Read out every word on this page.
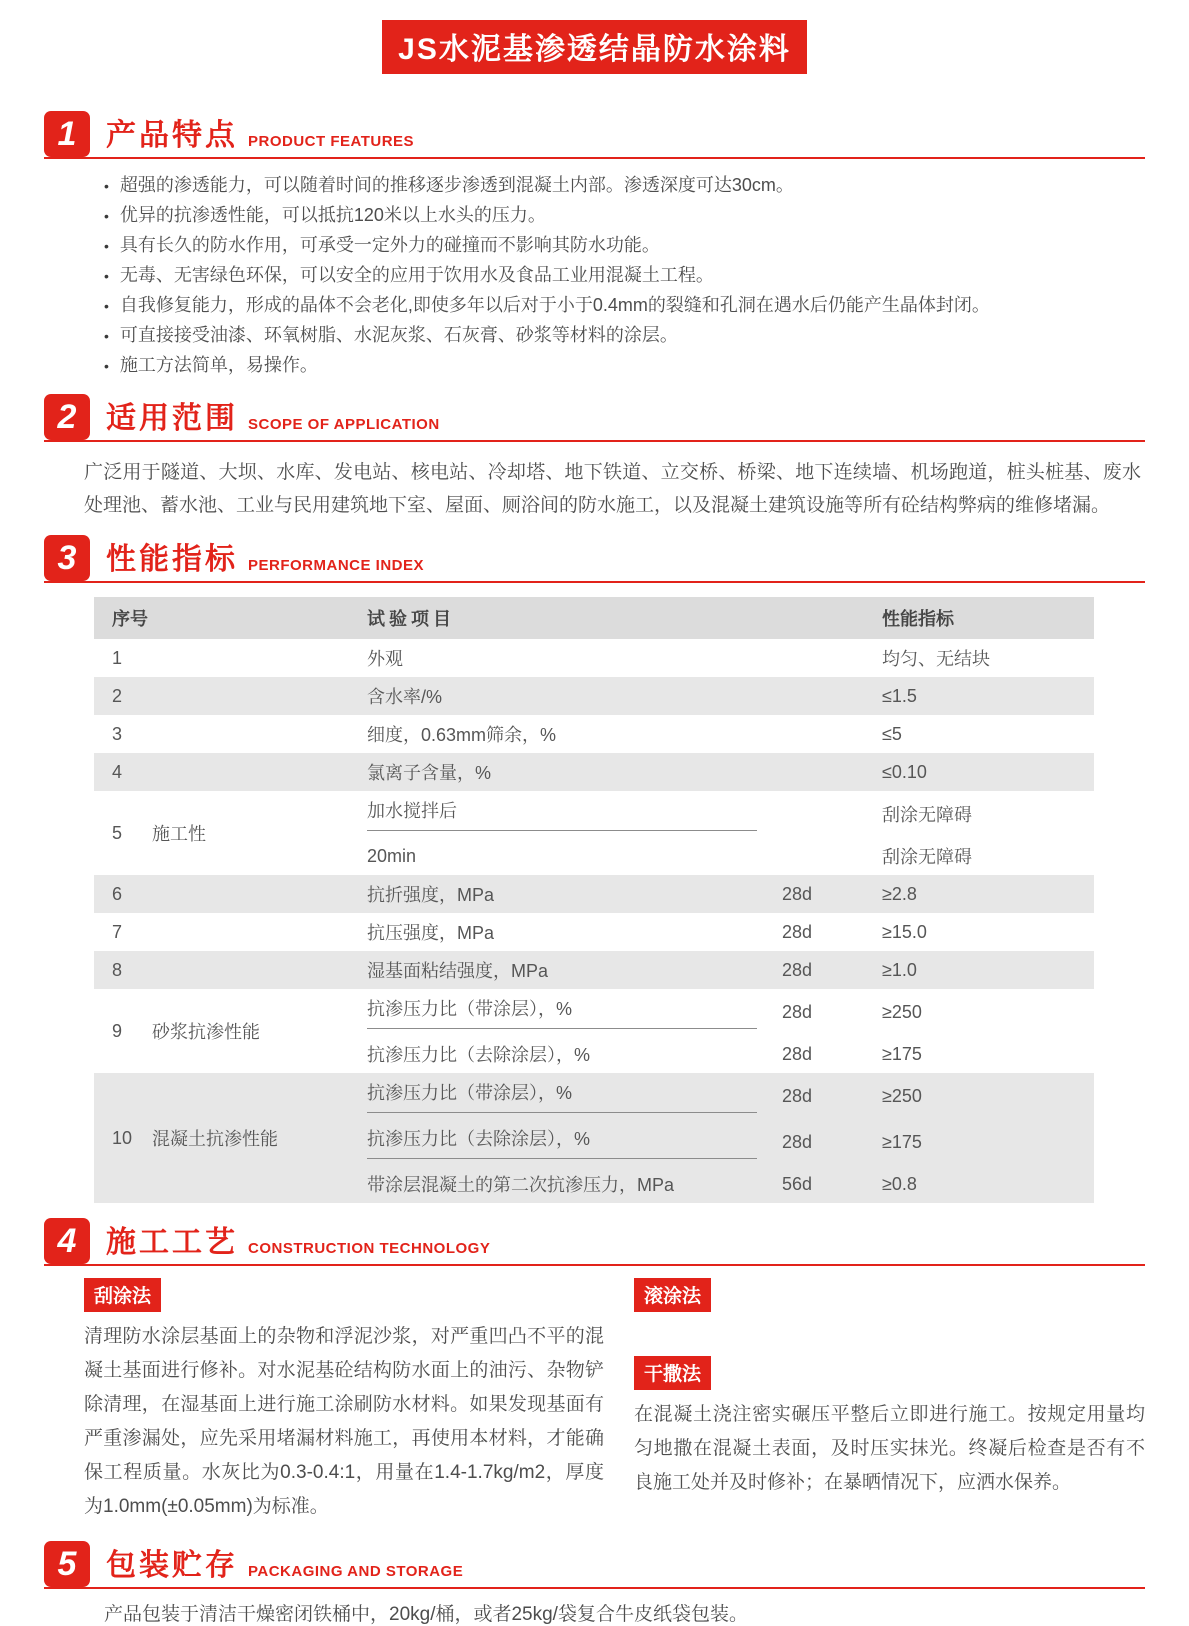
JS水泥基渗透结晶防水涂料
1 产品特点 PRODUCT FEATURES
• 超强的渗透能力，可以随着时间的推移逐步渗透到混凝土内部。渗透深度可达30cm。
• 优异的抗渗透性能，可以抵抗120米以上水头的压力。
• 具有长久的防水作用，可承受一定外力的碰撞而不影响其防水功能。
• 无毒、无害绿色环保，可以安全的应用于饮用水及食品工业用混凝土工程。
• 自我修复能力，形成的晶体不会老化,即使多年以后对于小于0.4mm的裂缝和孔洞在遇水后仍能产生晶体封闭。
• 可直接接受油漆、环氧树脂、水泥灰浆、石灰膏、砂浆等材料的涂层。
• 施工方法简单，易操作。
2 适用范围 SCOPE OF APPLICATION

广泛用于隧道、大坝、水库、发电站、核电站、冷却塔、地下铁道、立交桥、桥梁、地下连续墙、机场跑道，桩头桩基、废水处理池、蓄水池、工业与民用建筑地下室、屋面、厕浴间的防水施工，以及混凝土建筑设施等所有砼结构弊病的维修堵漏。

3 性能指标 PERFORMANCE INDEX
序号		试验项目		性能指标
1		外观		均匀、无结块
2		含水率/%		≤1.5
3		细度，0.63mm筛余，%		≤5
4		氯离子含量，%		≤0.10
5	施工性	加水搅拌后		刮涂无障碍

		20min		刮涂无障碍
6		抗折强度，MPa	28d	≥2.8
7		抗压强度，MPa	28d	≥15.0
8		湿基面粘结强度，MPa	28d	≥1.0
9	砂浆抗渗性能	抗渗压力比（带涂层），%	28d	≥250

		抗渗压力比（去除涂层），%	28d	≥175
10	混凝土抗渗性能	抗渗压力比（带涂层），%	28d	≥250

		抗渗压力比（去除涂层），%	28d	≥175

		带涂层混凝土的第二次抗渗压力，MPa	56d	≥0.8
4 施工工艺 CONSTRUCTION TECHNOLOGY
刮涂法
清理防水涂层基面上的杂物和浮泥沙浆，对严重凹凸不平的混凝土基面进行修补。对水泥基砼结构防水面上的油污、杂物铲除清理，在湿基面上进行施工涂刷防水材料。如果发现基面有严重渗漏处，应先采用堵漏材料施工，再使用本材料，才能确保工程质量。水灰比为0.3-0.4:1，用量在1.4-1.7kg/m2，厚度为1.0mm(±0.05mm)为标准。
滚涂法
干撒法
在混凝土浇注密实碾压平整后立即进行施工。按规定用量均匀地撒在混凝土表面，及时压实抹光。终凝后检查是否有不良施工处并及时修补；在暴晒情况下，应洒水保养。
5 包装贮存 PACKAGING AND STORAGE

产品包装于清洁干燥密闭铁桶中，20kg/桶，或者25kg/袋复合牛皮纸袋包装。
